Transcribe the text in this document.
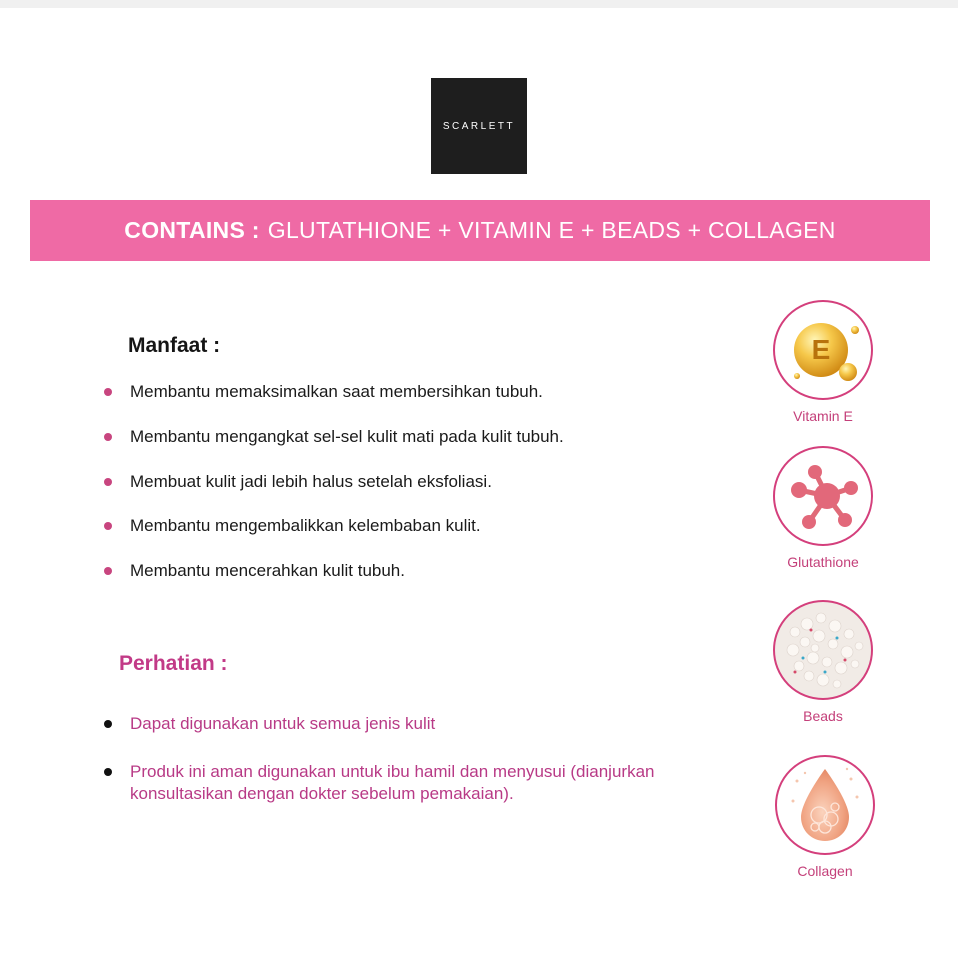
SCARLETT
CONTAINS : GLUTATHIONE + VITAMIN E + BEADS + COLLAGEN
Manfaat :
Membantu memaksimalkan saat membersihkan tubuh.
Membantu mengangkat sel-sel kulit mati pada kulit tubuh.
Membuat kulit jadi lebih halus setelah eksfoliasi.
Membantu mengembalikkan kelembaban kulit.
Membantu mencerahkan kulit tubuh.
Perhatian :
Dapat digunakan untuk semua jenis kulit
Produk ini aman digunakan untuk ibu hamil dan menyusui (dianjurkan konsultasikan dengan dokter sebelum pemakaian).
E
Vitamin E
Glutathione
Beads
Collagen
